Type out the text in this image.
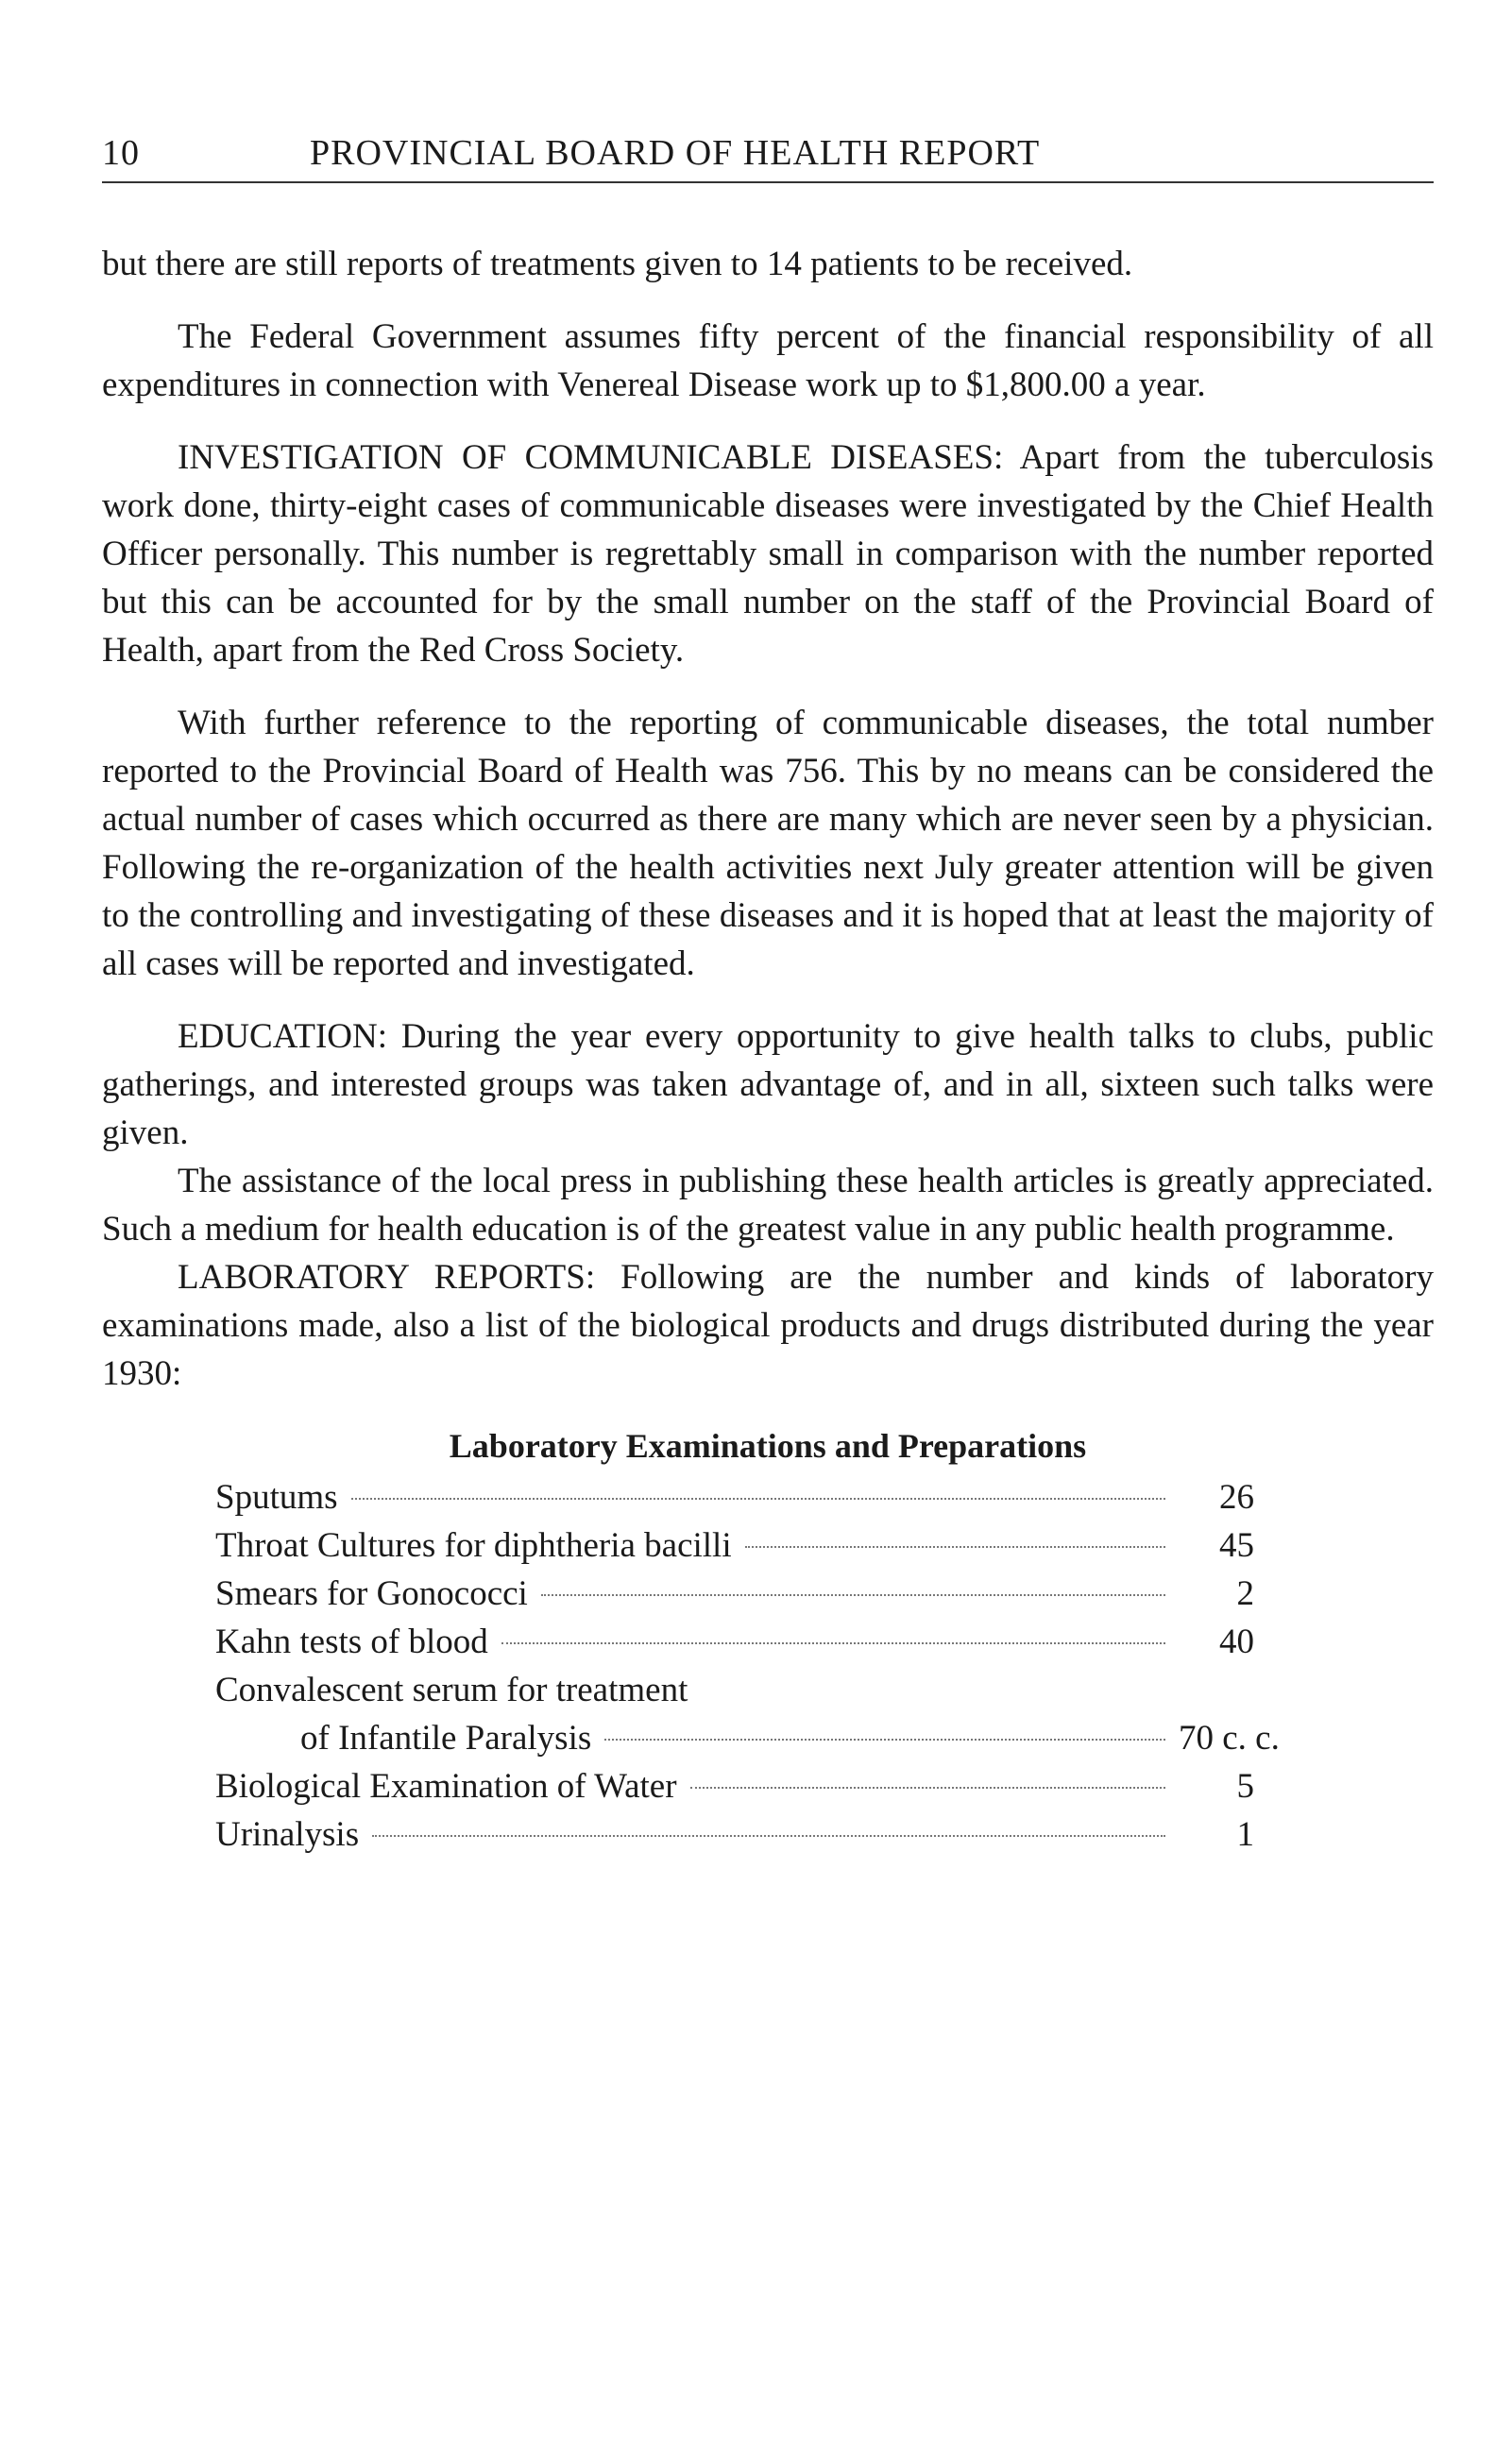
10	PROVINCIAL BOARD OF HEALTH REPORT

but there are still reports of treatments given to 14 patients to be received.

The Federal Government assumes fifty percent of the financial responsibility of all expenditures in connection with Venereal Disease work up to $1,800.00 a year.

INVESTIGATION OF COMMUNICABLE DISEASES: Apart from the tuberculosis work done, thirty-eight cases of communicable diseases were investigated by the Chief Health Officer personally. This number is regrettably small in comparison with the number reported but this can be accounted for by the small number on the staff of the Provincial Board of Health, apart from the Red Cross Society.

With further reference to the reporting of communicable diseases, the total number reported to the Provincial Board of Health was 756. This by no means can be considered the actual number of cases which occurred as there are many which are never seen by a physician. Following the re-organization of the health activities next July greater attention will be given to the controlling and investigating of these diseases and it is hoped that at least the majority of all cases will be reported and investigated.

EDUCATION: During the year every opportunity to give health talks to clubs, public gatherings, and interested groups was taken advantage of, and in all, sixteen such talks were given.

The assistance of the local press in publishing these health articles is greatly appreciated. Such a medium for health education is of the greatest value in any public health programme.

LABORATORY REPORTS: Following are the number and kinds of laboratory examinations made, also a list of the biological products and drugs distributed during the year 1930:

Laboratory Examinations and Preparations
Sputums	26
Throat Cultures for diphtheria bacilli	45
Smears for Gonococci	2
Kahn tests of blood	40
Convalescent serum for treatment
of Infantile Paralysis	70 c. c.
Biological Examination of Water	5
Urinalysis	1
